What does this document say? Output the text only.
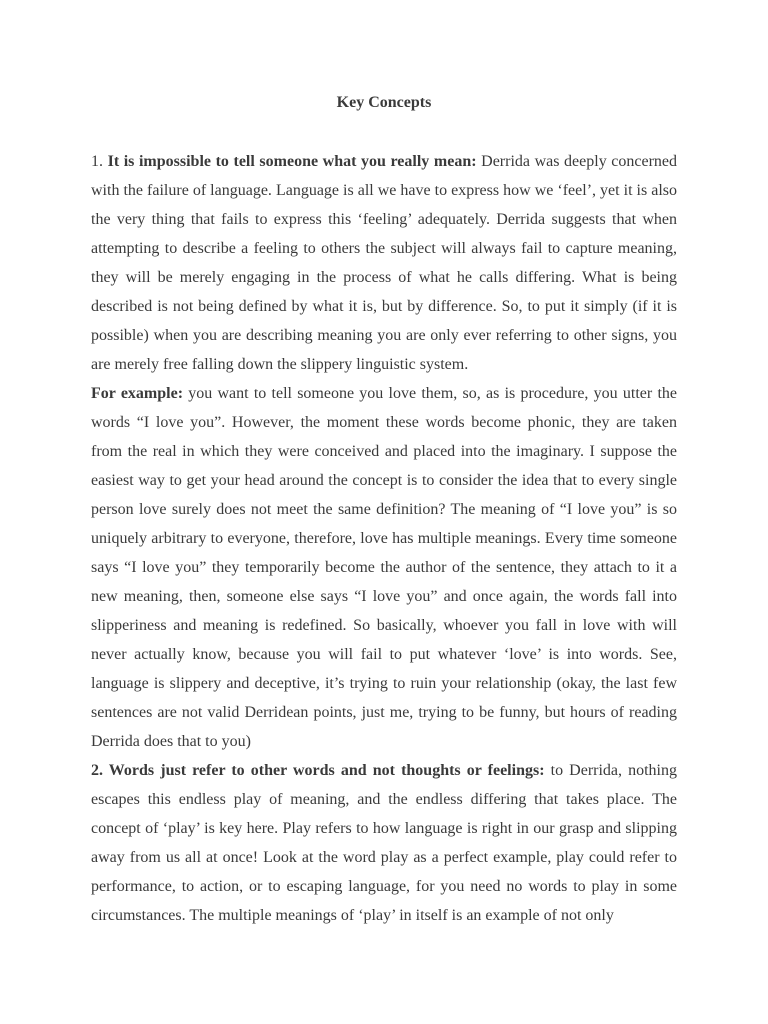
Key Concepts

1. It is impossible to tell someone what you really mean: Derrida was deeply concerned with the failure of language. Language is all we have to express how we ‘feel’, yet it is also the very thing that fails to express this ‘feeling’ adequately. Derrida suggests that when attempting to describe a feeling to others the subject will always fail to capture meaning, they will be merely engaging in the process of what he calls differing. What is being described is not being defined by what it is, but by difference. So, to put it simply (if it is possible) when you are describing meaning you are only ever referring to other signs, you are merely free falling down the slippery linguistic system.

For example: you want to tell someone you love them, so, as is procedure, you utter the words “I love you”. However, the moment these words become phonic, they are taken from the real in which they were conceived and placed into the imaginary. I suppose the easiest way to get your head around the concept is to consider the idea that to every single person love surely does not meet the same definition? The meaning of “I love you” is so uniquely arbitrary to everyone, therefore, love has multiple meanings. Every time someone says “I love you” they temporarily become the author of the sentence, they attach to it a new meaning, then, someone else says “I love you” and once again, the words fall into slipperiness and meaning is redefined. So basically, whoever you fall in love with will never actually know, because you will fail to put whatever ‘love’ is into words. See, language is slippery and deceptive, it’s trying to ruin your relationship (okay, the last few sentences are not valid Derridean points, just me, trying to be funny, but hours of reading Derrida does that to you)

2. Words just refer to other words and not thoughts or feelings: to Derrida, nothing escapes this endless play of meaning, and the endless differing that takes place. The concept of ‘play’ is key here. Play refers to how language is right in our grasp and slipping away from us all at once! Look at the word play as a perfect example, play could refer to performance, to action, or to escaping language, for you need no words to play in some circumstances. The multiple meanings of ‘play’ in itself is an example of not only
